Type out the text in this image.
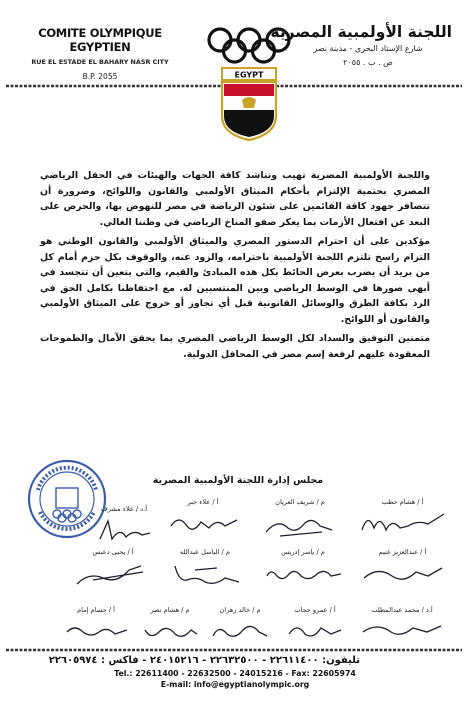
COMITE OLYMPIQUE EGYPTIEN
RUE EL ESTADE EL BAHARY NASR CITY
B.P. 2055
اللجنة الأولمبية المصرية
شارع الإستاد البحري - مدينة نصر
ص . ب . ٢٠٥٥
EGYPT

واللجنة الأولمبية المصرية تهيب وتناشد كافة الجهات والهيئات في الحقل الرياضي المصري بحتمية الإلتزام بأحكام الميثاق الأولمبي والقانون واللوائح، وضرورة أن تتضافر جهود كافة القائمين على شئون الرياضة في مصر للنهوض بها، والحرص على البعد عن افتعال الأزمات بما يعكر صفو المناخ الرياضي في وطننا الغالي.

مؤكدين على أن احترام الدستور المصري والميثاق الأولمبي والقانون الوطني هو التزام راسخ تلتزم اللجنة الأولمبية باحترامه، والزود عنه، والوقوف بكل حزم أمام كل من يريد أن يضرب بعرض الحائط بكل هذه المبادئ والقيم، والتي يتعين أن تتجسد في أبهى صورها في الوسط الرياضي وبين المنتسبين له. مع احتفاظنا بكامل الحق في الرد بكافة الطرق والوسائل القانونية قبل أي تجاوز أو خروج على الميثاق الأولمبي والقانون أو اللوائح.

متمنين التوفيق والسداد لكل الوسط الرياضي المصري بما يحقق الآمال والطموحات المعقودة عليهم لرفعة إسم مصر في المحافل الدولية.

مجلس إدارة اللجنة الأولمبية المصرية
أ / هشام حطب
م / شريف العريان
أ / علاء جبر
أ.د / علاء مشرف
أ / عبدالعزيز غنيم
م / ياسر إدريس
م / الباسل عبدالله
أ / يحيى دعبس
أ.د / محمد عبدالمطلب
أ / عمرو حجاب
م / خالد زهران
م / هشام نصر
أ / حسام إمام
تليفون: ٢٢٦١١٤٠٠ - ٢٢٦٣٢٥٠٠ - ٢٤٠١٥٢١٦ - فاكس : ٢٢٦٠٥٩٧٤
Tel.: 22611400 - 22632500 - 24015216 - Fax: 22605974
E-mail: info@egyptianolympic.org
